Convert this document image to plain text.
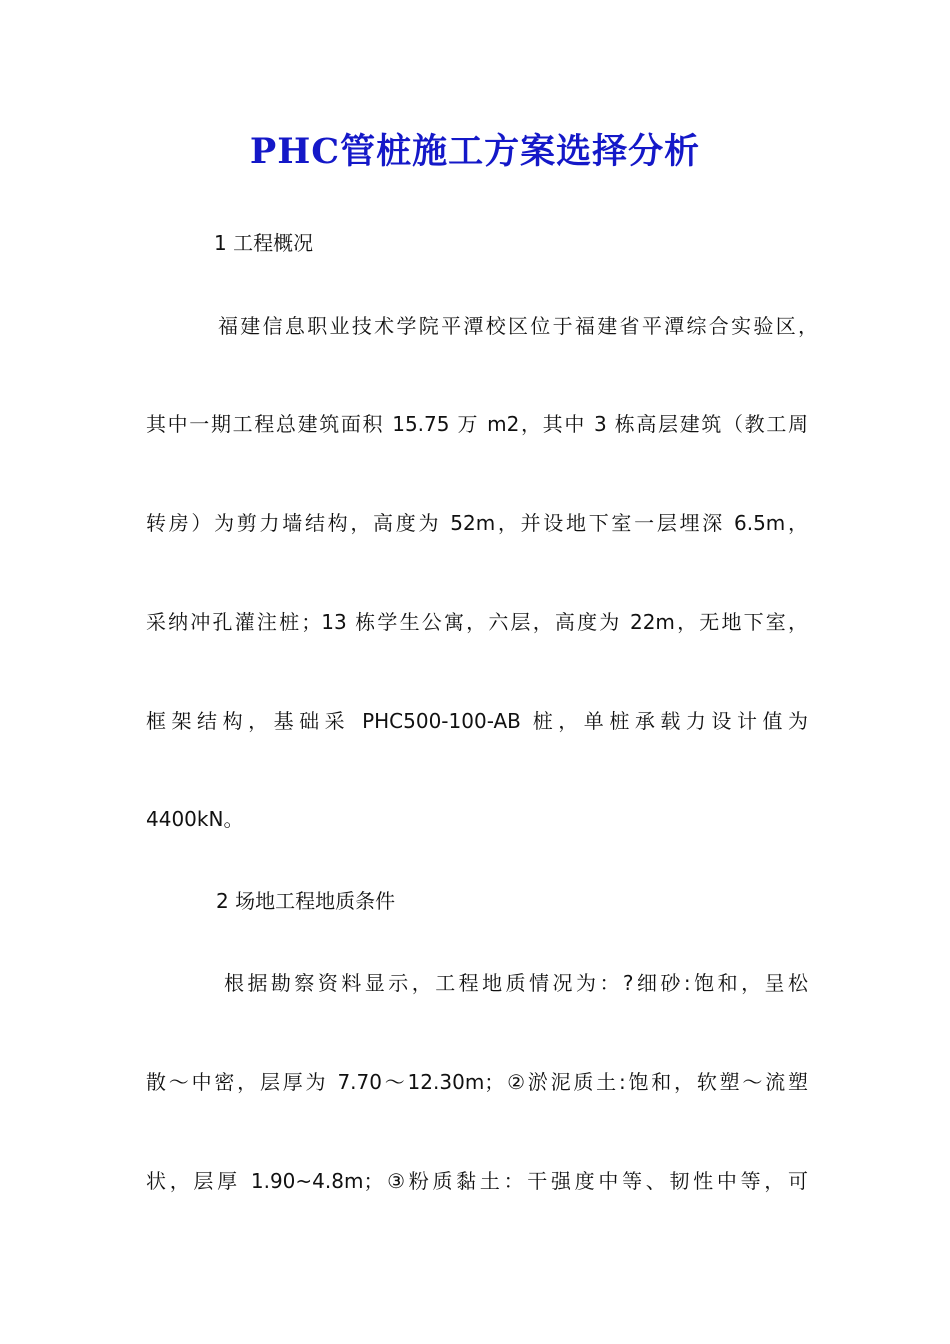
PHC管桩施工方案选择分析
1 工程概况
福建信息职业技术学院平潭校区位于福建省平潭综合实验区，
其中一期工程总建筑面积 15.75 万 m2，其中 3 栋高层建筑（教工周
转房）为剪力墙结构，高度为 52m，并设地下室一层埋深 6.5m，
采纳冲孔灌注桩；13 栋学生公寓，六层，高度为 22m，无地下室，
框架结构，基础采 PHC500-100-AB 桩，单桩承载力设计值为
4400kN。
2 场地工程地质条件
根据勘察资料显示，工程地质情况为：?细砂:饱和，呈松
散～中密，层厚为 7.70～12.30m；②淤泥质土:饱和，软塑～流塑
状，层厚 1.90~4.8m；③粉质黏土：干强度中等、韧性中等，可
